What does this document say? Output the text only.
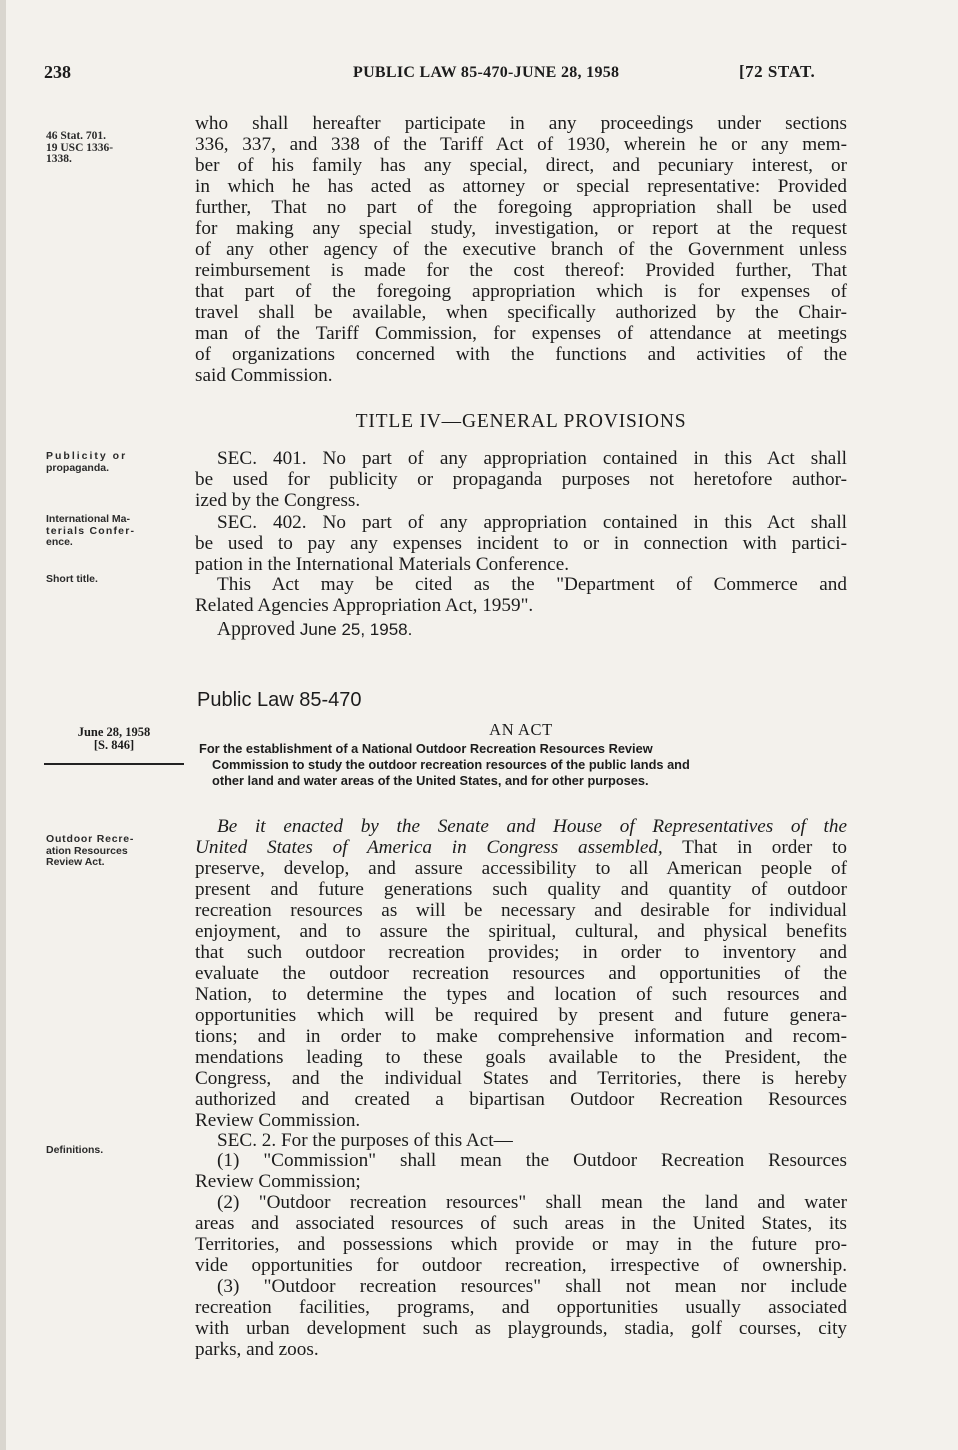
238	PUBLIC LAW 85-470-JUNE 28, 1958	[72 STAT.
46 Stat. 701.
19 USC 1336-
1338.
Publicity or
propaganda.
International Ma-
terials Confer-
ence.
Short title.
June 28, 1958
[S. 846]
Outdoor Recre-
ation Resources
Review Act.
Definitions.
who shall hereafter participate in any proceedings under sections
336, 337, and 338 of the Tariff Act of 1930, wherein he or any mem-
ber of his family has any special, direct, and pecuniary interest, or
in which he has acted as attorney or special representative: Provided
further, That no part of the foregoing appropriation shall be used
for making any special study, investigation, or report at the request
of any other agency of the executive branch of the Government unless
reimbursement is made for the cost thereof: Provided further, That
that part of the foregoing appropriation which is for expenses of
travel shall be available, when specifically authorized by the Chair-
man of the Tariff Commission, for expenses of attendance at meetings
of organizations concerned with the functions and activities of the
said Commission.
TITLE IV—GENERAL PROVISIONS
SEC. 401. No part of any appropriation contained in this Act shall
be used for publicity or propaganda purposes not heretofore author-
ized by the Congress.
SEC. 402. No part of any appropriation contained in this Act shall
be used to pay any expenses incident to or in connection with partici-
pation in the International Materials Conference.
This Act may be cited as the "Department of Commerce and
Related Agencies Appropriation Act, 1959".
Approved June 25, 1958.
Public Law 85-470
AN ACT
For the establishment of a National Outdoor Recreation Resources Review
Commission to study the outdoor recreation resources of the public lands and
other land and water areas of the United States, and for other purposes.
Be it enacted by the Senate and House of Representatives of the
United States of America in Congress assembled, That in order to
preserve, develop, and assure accessibility to all American people of
present and future generations such quality and quantity of outdoor
recreation resources as will be necessary and desirable for individual
enjoyment, and to assure the spiritual, cultural, and physical benefits
that such outdoor recreation provides; in order to inventory and
evaluate the outdoor recreation resources and opportunities of the
Nation, to determine the types and location of such resources and
opportunities which will be required by present and future genera-
tions; and in order to make comprehensive information and recom-
mendations leading to these goals available to the President, the
Congress, and the individual States and Territories, there is hereby
authorized and created a bipartisan Outdoor Recreation Resources
Review Commission.
SEC. 2. For the purposes of this Act—
(1) "Commission" shall mean the Outdoor Recreation Resources
Review Commission;
(2) "Outdoor recreation resources" shall mean the land and water
areas and associated resources of such areas in the United States, its
Territories, and possessions which provide or may in the future pro-
vide opportunities for outdoor recreation, irrespective of ownership.
(3) "Outdoor recreation resources" shall not mean nor include
recreation facilities, programs, and opportunities usually associated
with urban development such as playgrounds, stadia, golf courses, city
parks, and zoos.
